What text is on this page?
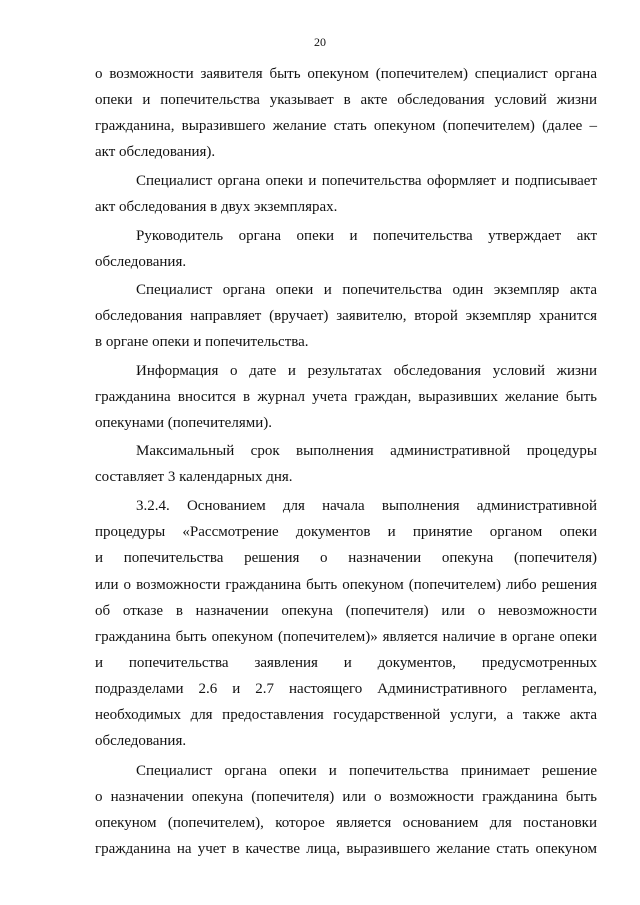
20
о возможности заявителя быть опекуном (попечителем) специалист органа
опеки и попечительства указывает в акте обследования условий жизни
гражданина, выразившего желание стать опекуном (попечителем) (далее –
акт обследования).
Специалист органа опеки и попечительства оформляет и подписывает
акт обследования в двух экземплярах.
Руководитель органа опеки и попечительства утверждает акт
обследования.
Специалист органа опеки и попечительства один экземпляр акта
обследования направляет (вручает) заявителю, второй экземпляр хранится
в органе опеки и попечительства.
Информация о дате и результатах обследования условий жизни
гражданина вносится в журнал учета граждан, выразивших желание быть
опекунами (попечителями).
Максимальный срок выполнения административной процедуры
составляет 3 календарных дня.
3.2.4. Основанием для начала выполнения административной
процедуры «Рассмотрение документов и принятие органом опеки
и попечительства решения о назначении опекуна (попечителя)
или о возможности гражданина быть опекуном (попечителем) либо решения
об отказе в назначении опекуна (попечителя) или о невозможности
гражданина быть опекуном (попечителем)» является наличие в органе опеки
и попечительства заявления и документов, предусмотренных
подразделами 2.6 и 2.7 настоящего Административного регламента,
необходимых для предоставления государственной услуги, а также акта
обследования.
Специалист органа опеки и попечительства принимает решение
о назначении опекуна (попечителя) или о возможности гражданина быть
опекуном (попечителем), которое является основанием для постановки
гражданина на учет в качестве лица, выразившего желание стать опекуном
